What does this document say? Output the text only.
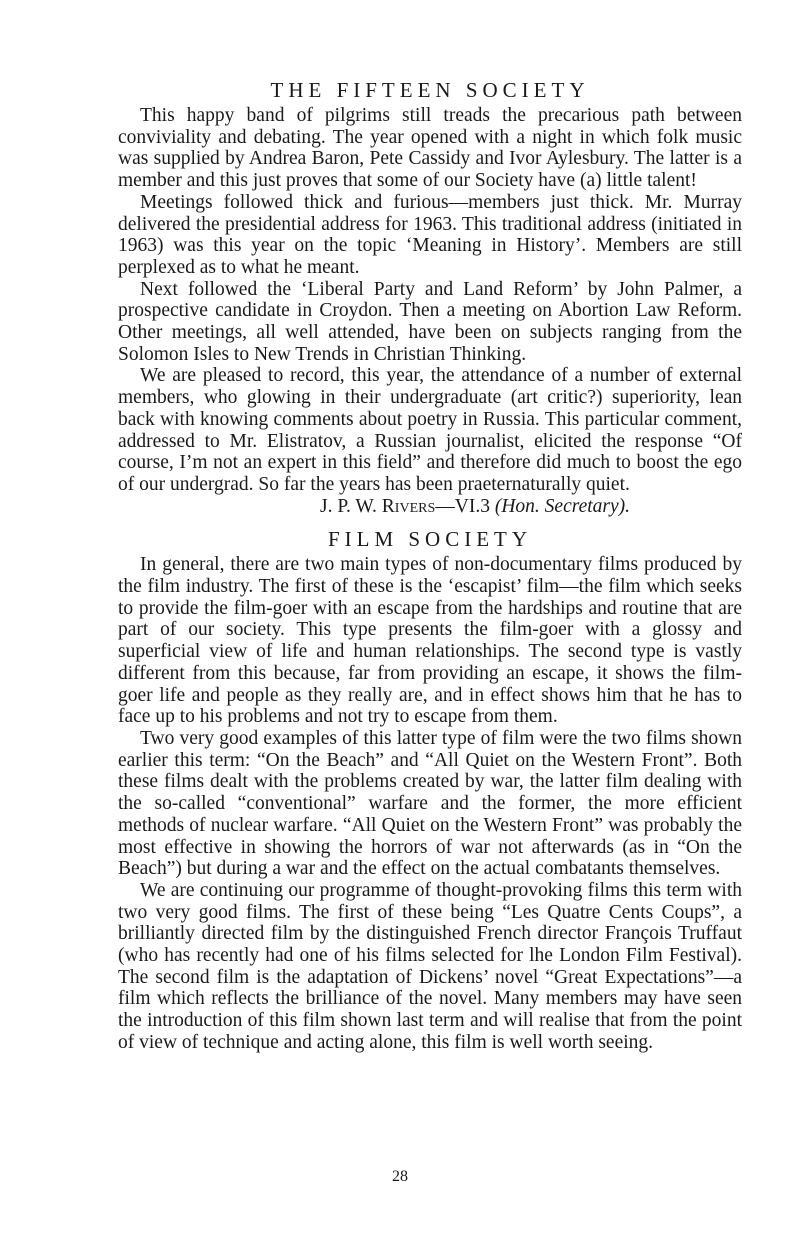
THE FIFTEEN SOCIETY

This happy band of pilgrims still treads the precarious path between conviviality and debating. The year opened with a night in which folk music was supplied by Andrea Baron, Pete Cassidy and Ivor Aylesbury. The latter is a member and this just proves that some of our Society have (a) little talent!

Meetings followed thick and furious—members just thick. Mr. Murray delivered the presidential address for 1963. This traditional address (initiated in 1963) was this year on the topic ‘Meaning in History’. Members are still perplexed as to what he meant.

Next followed the ‘Liberal Party and Land Reform’ by John Palmer, a prospective candidate in Croydon. Then a meeting on Abortion Law Reform. Other meetings, all well attended, have been on subjects ranging from the Solomon Isles to New Trends in Christian Thinking.

We are pleased to record, this year, the attendance of a number of external members, who glowing in their undergraduate (art critic?) superiority, lean back with knowing comments about poetry in Russia. This particular comment, addressed to Mr. Elistratov, a Russian journalist, elicited the response “Of course, I’m not an expert in this field” and therefore did much to boost the ego of our undergrad. So far the years has been praeternaturally quiet.

J. P. W. Rivers—VI.3 (Hon. Secretary).

FILM SOCIETY

In general, there are two main types of non-documentary films produced by the film industry. The first of these is the ‘escapist’ film—the film which seeks to provide the film-goer with an escape from the hardships and routine that are part of our society. This type presents the film-goer with a glossy and superficial view of life and human relationships. The second type is vastly different from this because, far from providing an escape, it shows the film-goer life and people as they really are, and in effect shows him that he has to face up to his problems and not try to escape from them.

Two very good examples of this latter type of film were the two films shown earlier this term: “On the Beach” and “All Quiet on the Western Front”. Both these films dealt with the problems created by war, the latter film dealing with the so-called “conventional” warfare and the former, the more efficient methods of nuclear warfare. “All Quiet on the Western Front” was probably the most effective in showing the horrors of war not afterwards (as in “On the Beach”) but during a war and the effect on the actual combatants themselves.

We are continuing our programme of thought-provoking films this term with two very good films. The first of these being “Les Quatre Cents Coups”, a brilliantly directed film by the distinguished French director François Truffaut (who has recently had one of his films selected for lhe London Film Festival). The second film is the adaptation of Dickens’ novel “Great Expectations”—a film which reflects the brilliance of the novel. Many members may have seen the introduction of this film shown last term and will realise that from the point of view of technique and acting alone, this film is well worth seeing.

28
